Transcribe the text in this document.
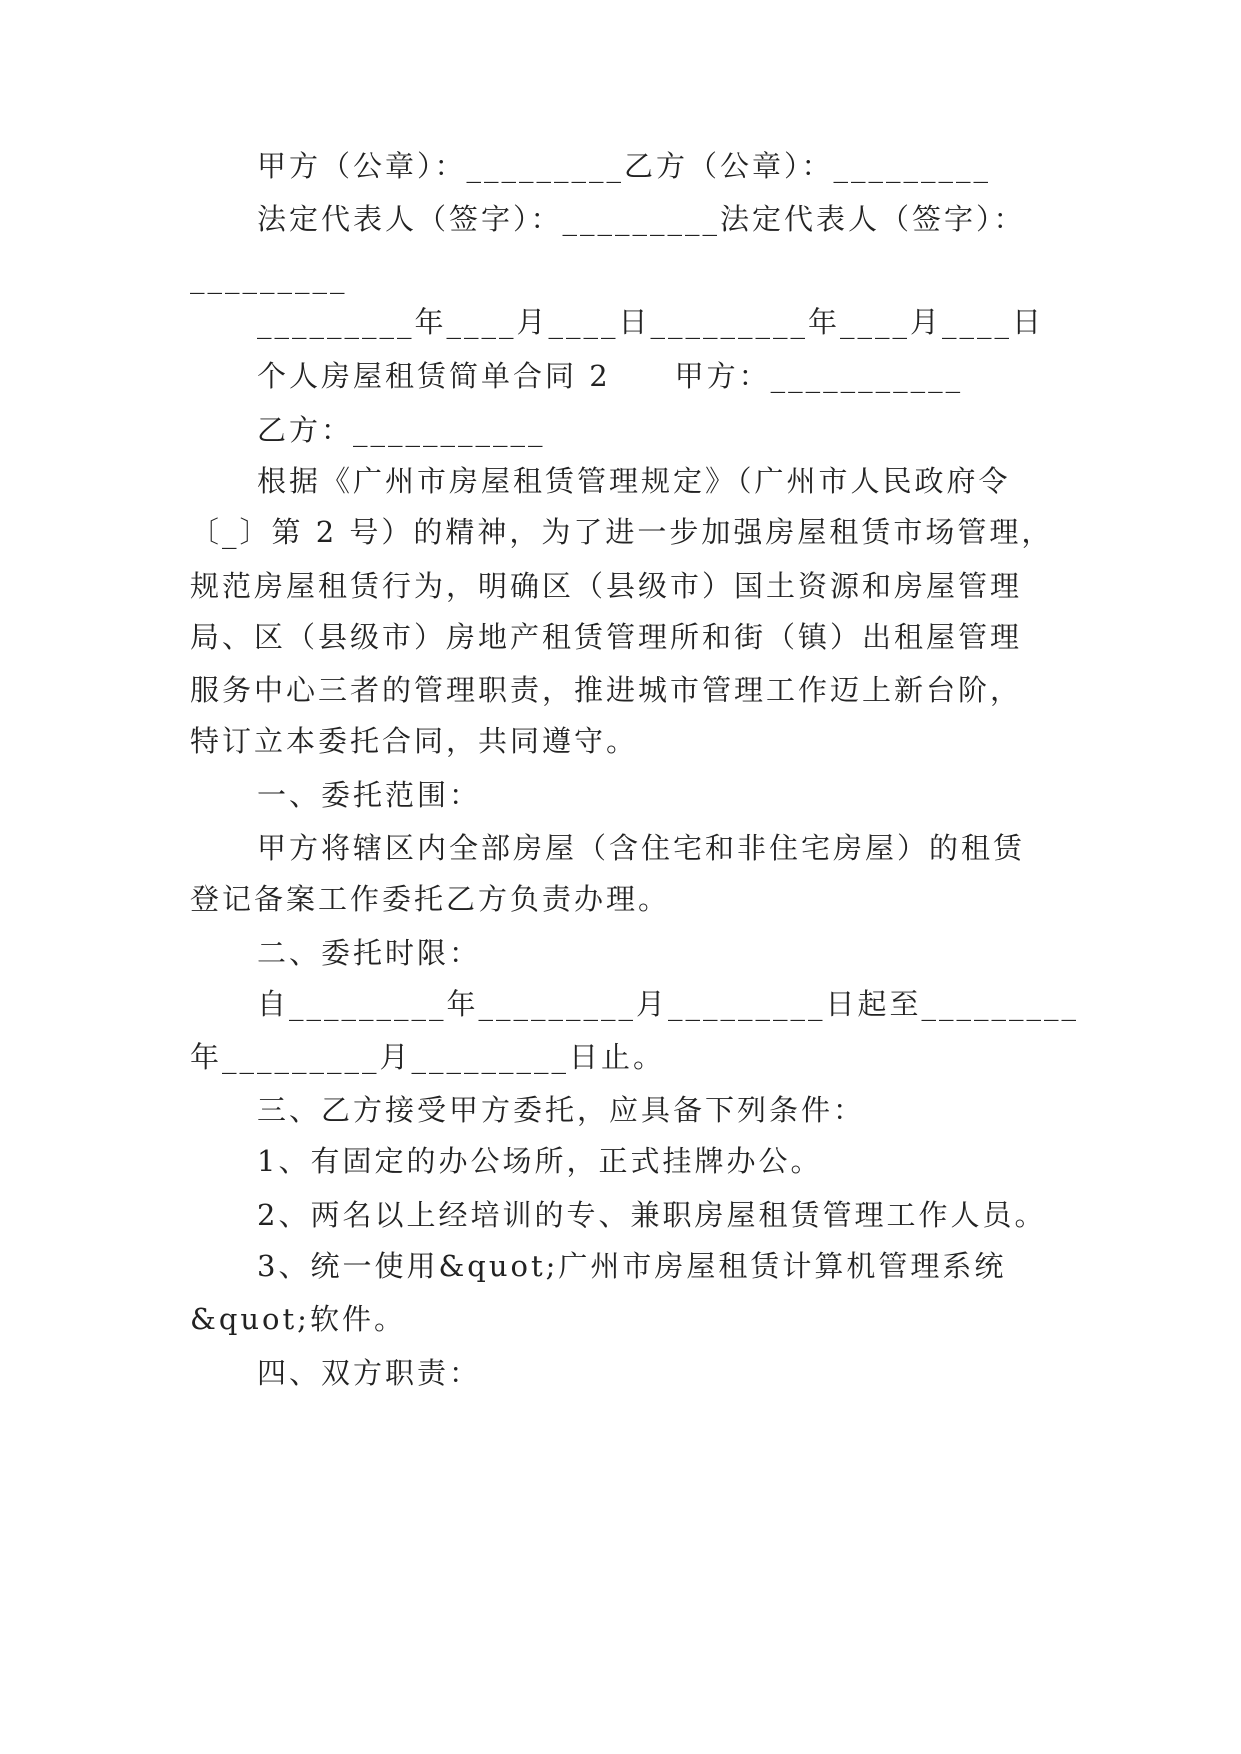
甲方（公章）：_________乙方（公章）：_________
法定代表人（签字）：_________法定代表人（签字）：
_________
_________年____月____日_________年____月____日
个人房屋租赁简单合同 2　　甲方：___________
乙方：___________
根据《广州市房屋租赁管理规定》（广州市人民政府令
〔_〕第 2 号）的精神，为了进一步加强房屋租赁市场管理，
规范房屋租赁行为，明确区（县级市）国土资源和房屋管理
局、区（县级市）房地产租赁管理所和街（镇）出租屋管理
服务中心三者的管理职责，推进城市管理工作迈上新台阶，
特订立本委托合同，共同遵守。
一、委托范围：
甲方将辖区内全部房屋（含住宅和非住宅房屋）的租赁
登记备案工作委托乙方负责办理。
二、委托时限：
自_________年_________月_________日起至_________
年_________月_________日止。
三、乙方接受甲方委托，应具备下列条件：
1、有固定的办公场所，正式挂牌办公。
2、两名以上经培训的专、兼职房屋租赁管理工作人员。
3、统一使用&quot;广州市房屋租赁计算机管理系统
&quot;软件。
四、双方职责：
